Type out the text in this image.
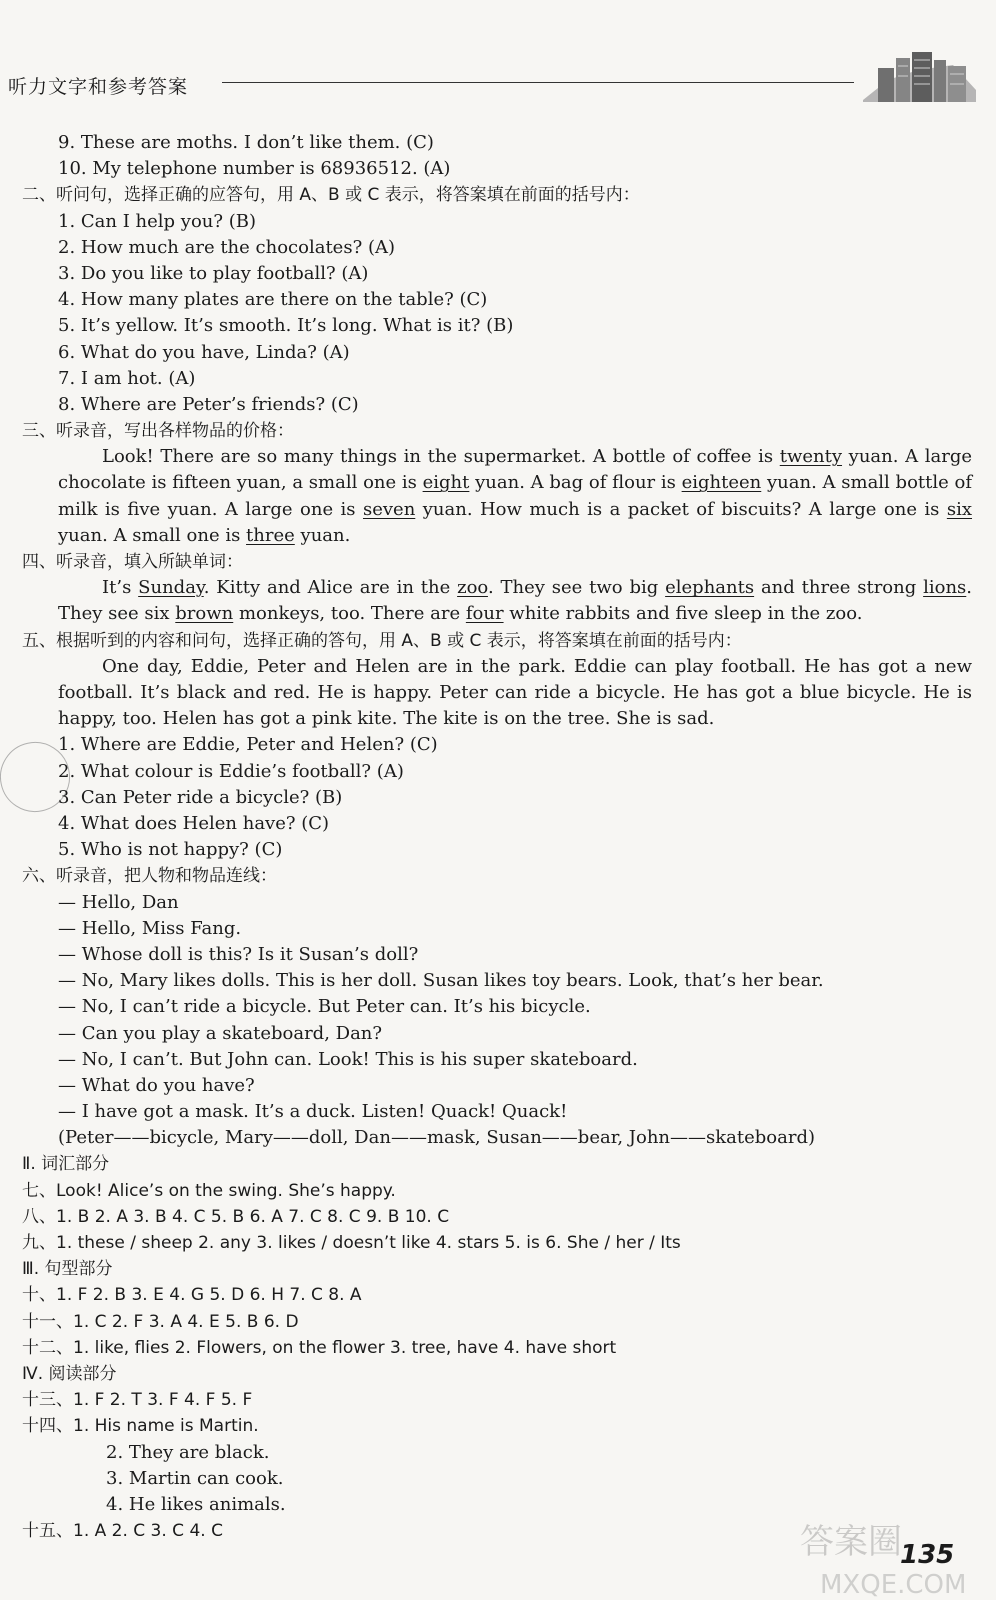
听力文字和参考答案
9. These are moths. I don’t like them. (C)
10. My telephone number is 68936512. (A)
二、听问句，选择正确的应答句，用 A、B 或 C 表示，将答案填在前面的括号内：
1. Can I help you? (B)
2. How much are the chocolates? (A)
3. Do you like to play football? (A)
4. How many plates are there on the table? (C)
5. It’s yellow. It’s smooth. It’s long. What is it? (B)
6. What do you have, Linda? (A)
7. I am hot. (A)
8. Where are Peter’s friends? (C)
三、听录音，写出各样物品的价格：
Look! There are so many things in the supermarket. A bottle of coffee is twenty yuan. A large chocolate is fifteen yuan, a small one is eight yuan. A bag of flour is eighteen yuan. A small bottle of milk is five yuan. A large one is seven yuan. How much is a packet of biscuits? A large one is six yuan. A small one is three yuan.
四、听录音，填入所缺单词：
It’s Sunday. Kitty and Alice are in the zoo. They see two big elephants and three strong lions. They see six brown monkeys, too. There are four white rabbits and five sleep in the zoo.
五、根据听到的内容和问句，选择正确的答句，用 A、B 或 C 表示，将答案填在前面的括号内：
One day, Eddie, Peter and Helen are in the park. Eddie can play football. He has got a new football. It’s black and red. He is happy. Peter can ride a bicycle. He has got a blue bicycle. He is happy, too. Helen has got a pink kite. The kite is on the tree. She is sad.
1. Where are Eddie, Peter and Helen? (C)
2. What colour is Eddie’s football? (A)
3. Can Peter ride a bicycle? (B)
4. What does Helen have? (C)
5. Who is not happy? (C)
六、听录音，把人物和物品连线：
— Hello, Dan
— Hello, Miss Fang.
— Whose doll is this? Is it Susan’s doll?
— No, Mary likes dolls. This is her doll. Susan likes toy bears. Look, that’s her bear.
— No, I can’t ride a bicycle. But Peter can. It’s his bicycle.
— Can you play a skateboard, Dan?
— No, I can’t. But John can. Look! This is his super skateboard.
— What do you have?
— I have got a mask. It’s a duck. Listen! Quack! Quack!
(Peter——bicycle, Mary——doll, Dan——mask, Susan——bear, John——skateboard)
Ⅱ. 词汇部分
七、Look! Alice’s on the swing. She’s happy.
八、1. B 2. A 3. B 4. C 5. B 6. A 7. C 8. C 9. B 10. C
九、1. these / sheep 2. any 3. likes / doesn’t like 4. stars 5. is 6. She / her / Its
Ⅲ. 句型部分
十、1. F 2. B 3. E 4. G 5. D 6. H 7. C 8. A
十一、1. C 2. F 3. A 4. E 5. B 6. D
十二、1. like, flies 2. Flowers, on the flower 3. tree, have 4. have short
Ⅳ. 阅读部分
十三、1. F 2. T 3. F 4. F 5. F
十四、1. His name is Martin.
2. They are black.
3. Martin can cook.
4. He likes animals.
十五、1. A 2. C 3. C 4. C	答案圈
MXQE.COM
135
